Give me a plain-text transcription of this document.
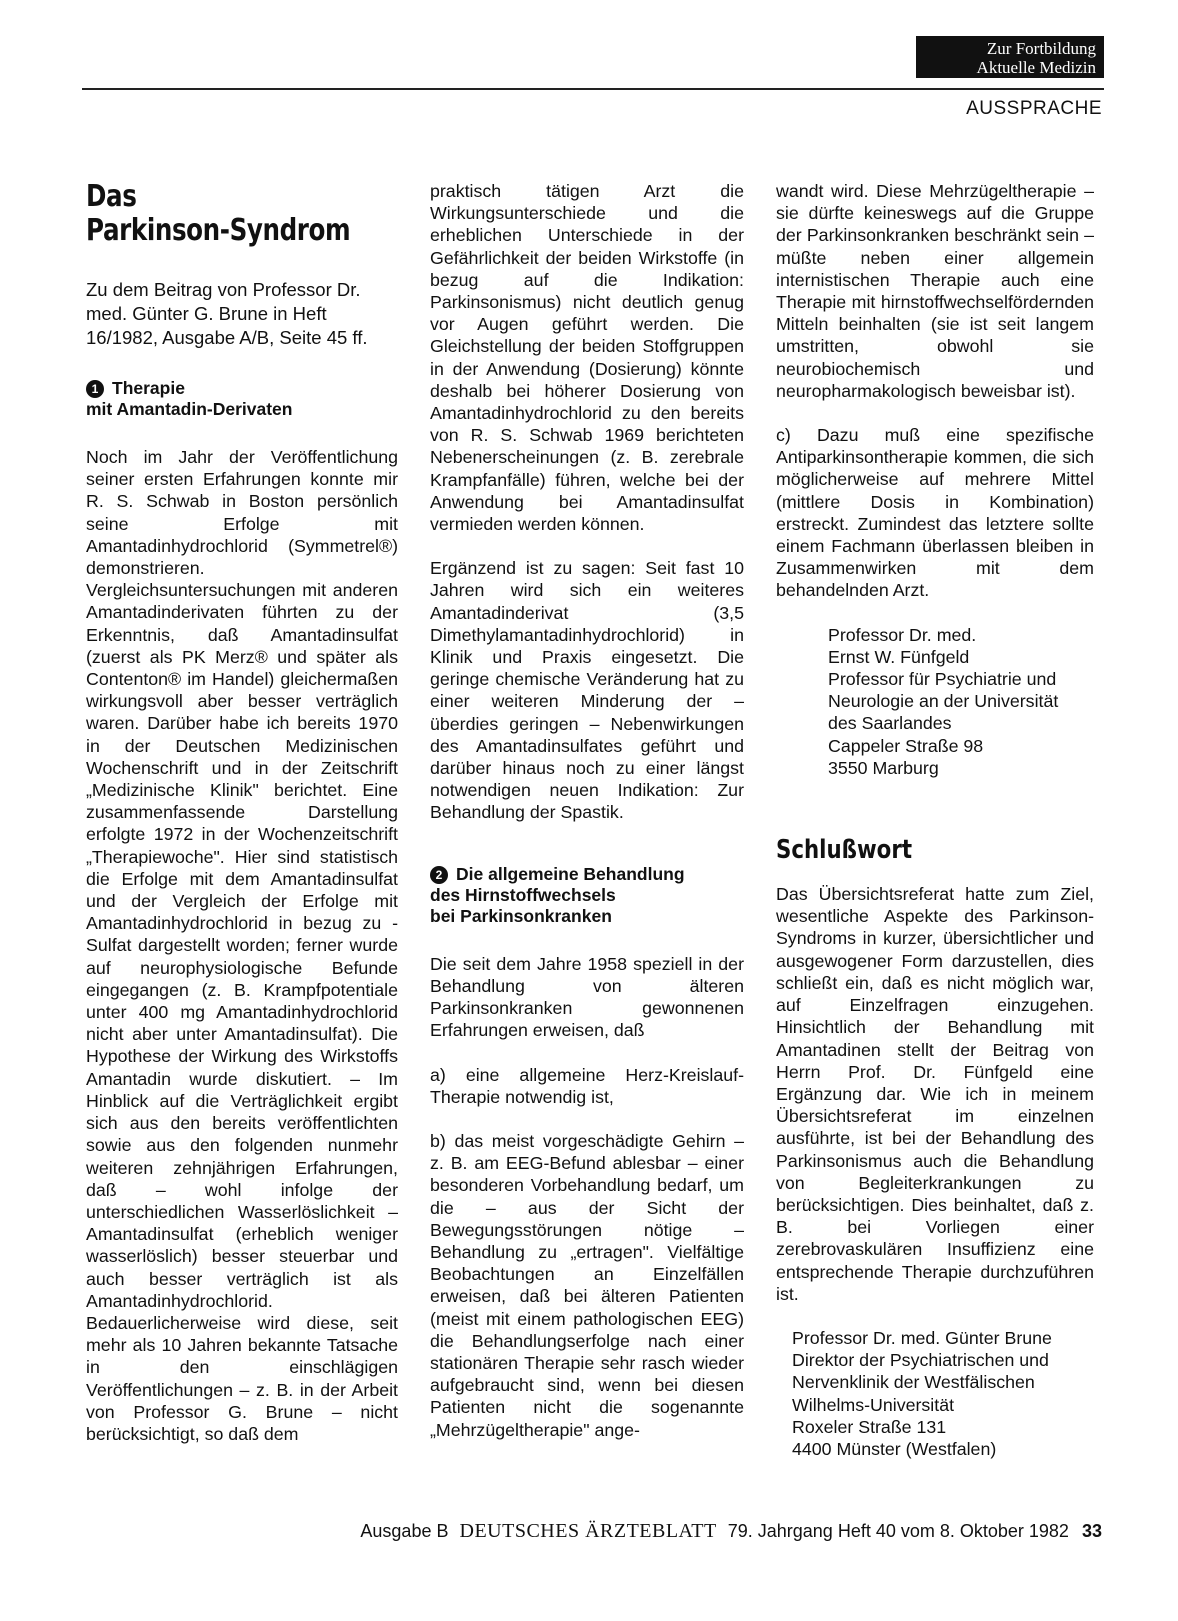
Zur Fortbildung
Aktuelle Medizin
AUSSPRACHE
Das
Parkinson-Syndrom

Zu dem Beitrag von Professor Dr. med. Günter G. Brune in Heft 16/1982, Ausgabe A/B, Seite 45 ff.

1 Therapie
mit Amantadin-Derivaten

Noch im Jahr der Veröffentlichung seiner ersten Erfahrungen konnte mir R. S. Schwab in Boston persönlich seine Erfolge mit Amantadinhydrochlorid (Symmetrel®) demonstrieren. Vergleichsuntersuchungen mit anderen Amantadinderivaten führten zu der Erkenntnis, daß Amantadinsulfat (zuerst als PK Merz® und später als Contenton® im Handel) gleichermaßen wirkungsvoll aber besser verträglich waren. Darüber habe ich bereits 1970 in der Deutschen Medizinischen Wochenschrift und in der Zeitschrift „Medizinische Klinik" berichtet. Eine zusammenfassende Darstellung erfolgte 1972 in der Wochenzeitschrift „Therapiewoche". Hier sind statistisch die Erfolge mit dem Amantadinsulfat und der Vergleich der Erfolge mit Amantadinhydrochlorid in bezug zu -Sulfat dargestellt worden; ferner wurde auf neurophysiologische Befunde eingegangen (z. B. Krampfpotentiale unter 400 mg Amantadinhydrochlorid nicht aber unter Amantadinsulfat). Die Hypothese der Wirkung des Wirkstoffs Amantadin wurde diskutiert. – Im Hinblick auf die Verträglichkeit ergibt sich aus den bereits veröffentlichten sowie aus den folgenden nunmehr weiteren zehnjährigen Erfahrungen, daß – wohl infolge der unterschiedlichen Wasserlöslichkeit – Amantadinsulfat (erheblich weniger wasserlöslich) besser steuerbar und auch besser verträglich ist als Amantadinhydrochlorid. Bedauerlicherweise wird diese, seit mehr als 10 Jahren bekannte Tatsache in den einschlägigen Veröffentlichungen – z. B. in der Arbeit von Professor G. Brune – nicht berücksichtigt, so daß dem

praktisch tätigen Arzt die Wirkungsunterschiede und die erheblichen Unterschiede in der Gefährlichkeit der beiden Wirkstoffe (in bezug auf die Indikation: Parkinsonismus) nicht deutlich genug vor Augen geführt werden. Die Gleichstellung der beiden Stoffgruppen in der Anwendung (Dosierung) könnte deshalb bei höherer Dosierung von Amantadinhydrochlorid zu den bereits von R. S. Schwab 1969 berichteten Nebenerscheinungen (z. B. zerebrale Krampfanfälle) führen, welche bei der Anwendung bei Amantadinsulfat vermieden werden können.

Ergänzend ist zu sagen: Seit fast 10 Jahren wird sich ein weiteres Amantadinderivat (3,5 Dimethylamantadinhydrochlorid) in Klinik und Praxis eingesetzt. Die geringe chemische Veränderung hat zu einer weiteren Minderung der – überdies geringen – Nebenwirkungen des Amantadinsulfates geführt und darüber hinaus noch zu einer längst notwendigen neuen Indikation: Zur Behandlung der Spastik.

2 Die allgemeine Behandlung
des Hirnstoffwechsels
bei Parkinsonkranken

Die seit dem Jahre 1958 speziell in der Behandlung von älteren Parkinsonkranken gewonnenen Erfahrungen erweisen, daß

a) eine allgemeine Herz-Kreislauf-Therapie notwendig ist,

b) das meist vorgeschädigte Gehirn – z. B. am EEG-Befund ablesbar – einer besonderen Vorbehandlung bedarf, um die – aus der Sicht der Bewegungsstörungen nötige – Behandlung zu „ertragen". Vielfältige Beobachtungen an Einzelfällen erweisen, daß bei älteren Patienten (meist mit einem pathologischen EEG) die Behandlungserfolge nach einer stationären Therapie sehr rasch wieder aufgebraucht sind, wenn bei diesen Patienten nicht die sogenannte „Mehrzügeltherapie" ange-

wandt wird. Diese Mehrzügeltherapie – sie dürfte keineswegs auf die Gruppe der Parkinsonkranken beschränkt sein – müßte neben einer allgemein internistischen Therapie auch eine Therapie mit hirnstoffwechselfördernden Mitteln beinhalten (sie ist seit langem umstritten, obwohl sie neurobiochemisch und neuropharmakologisch beweisbar ist).

c) Dazu muß eine spezifische Antiparkinsontherapie kommen, die sich möglicherweise auf mehrere Mittel (mittlere Dosis in Kombination) erstreckt. Zumindest das letztere sollte einem Fachmann überlassen bleiben in Zusammenwirken mit dem behandelnden Arzt.

Professor Dr. med.
Ernst W. Fünfgeld
Professor für Psychiatrie und
Neurologie an der Universität
des Saarlandes
Cappeler Straße 98
3550 Marburg
Schlußwort

Das Übersichtsreferat hatte zum Ziel, wesentliche Aspekte des Parkinson-Syndroms in kurzer, übersichtlicher und ausgewogener Form darzustellen, dies schließt ein, daß es nicht möglich war, auf Einzelfragen einzugehen. Hinsichtlich der Behandlung mit Amantadinen stellt der Beitrag von Herrn Prof. Dr. Fünfgeld eine Ergänzung dar. Wie ich in meinem Übersichtsreferat im einzelnen ausführte, ist bei der Behandlung des Parkinsonismus auch die Behandlung von Begleiterkrankungen zu berücksichtigen. Dies beinhaltet, daß z. B. bei Vorliegen einer zerebrovaskulären Insuffizienz eine entsprechende Therapie durchzuführen ist.

Professor Dr. med. Günter Brune
Direktor der Psychiatrischen und
Nervenklinik der Westfälischen
Wilhelms-Universität
Roxeler Straße 131
4400 Münster (Westfalen)
Ausgabe B DEUTSCHES ÄRZTEBLATT 79. Jahrgang Heft 40 vom 8. Oktober 1982 33
